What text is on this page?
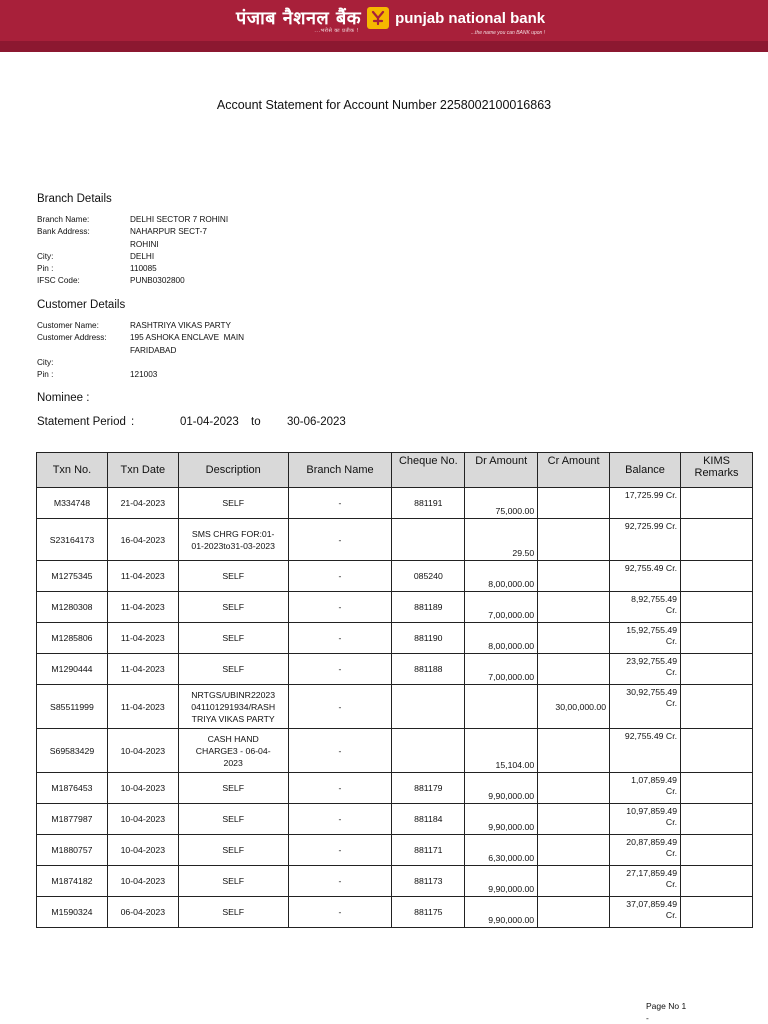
पंजाब नैशनल बैंक
...भरोसे का प्रतीक !
punjab national bank
...the name you can BANK upon !
Account Statement for Account Number 2258002100016863
Branch Details
Branch Name:	DELHI SECTOR 7 ROHINI
Bank Address:	NAHARPUR SECT-7
ROHINI
City:	DELHI
Pin :	110085
IFSC Code:	PUNB0302800
Customer Details
Customer Name:	RASHTRIYA VIKAS PARTY
Customer Address:	195 ASHOKA ENCLAVE  MAIN
FARIDABAD
City:
Pin :	121003
Nominee :
Statement Period :	01-04-2023 to 30-06-2023
Txn No.	Txn Date	Description	Branch Name	Cheque No.	Dr Amount	Cr Amount	Balance	KIMS Remarks
M334748	21-04-2023	SELF	-	881191	75,000.00		17,725.99 Cr.	
S23164173	16-04-2023	SMS CHRG FOR:01-
01-2023to31-03-2023	-		29.50		92,725.99 Cr.	
M1275345	11-04-2023	SELF	-	085240	8,00,000.00		92,755.49 Cr.	
M1280308	11-04-2023	SELF	-	881189	7,00,000.00		8,92,755.49
Cr.	
M1285806	11-04-2023	SELF	-	881190	8,00,000.00		15,92,755.49
Cr.	
M1290444	11-04-2023	SELF	-	881188	7,00,000.00		23,92,755.49
Cr.	
S85511999	11-04-2023	NRTGS/UBINR22023
041101291934/RASH
TRIYA VIKAS PARTY	-			30,00,000.00	30,92,755.49
Cr.	
S69583429	10-04-2023	CASH HAND
CHARGE3 - 06-04-
2023	-		15,104.00		92,755.49 Cr.	
M1876453	10-04-2023	SELF	-	881179	9,90,000.00		1,07,859.49
Cr.	
M1877987	10-04-2023	SELF	-	881184	9,90,000.00		10,97,859.49
Cr.	
M1880757	10-04-2023	SELF	-	881171	6,30,000.00		20,87,859.49
Cr.	
M1874182	10-04-2023	SELF	-	881173	9,90,000.00		27,17,859.49
Cr.	
M1590324	06-04-2023	SELF	-	881175	9,90,000.00		37,07,859.49
Cr.	
Page No 1
-
